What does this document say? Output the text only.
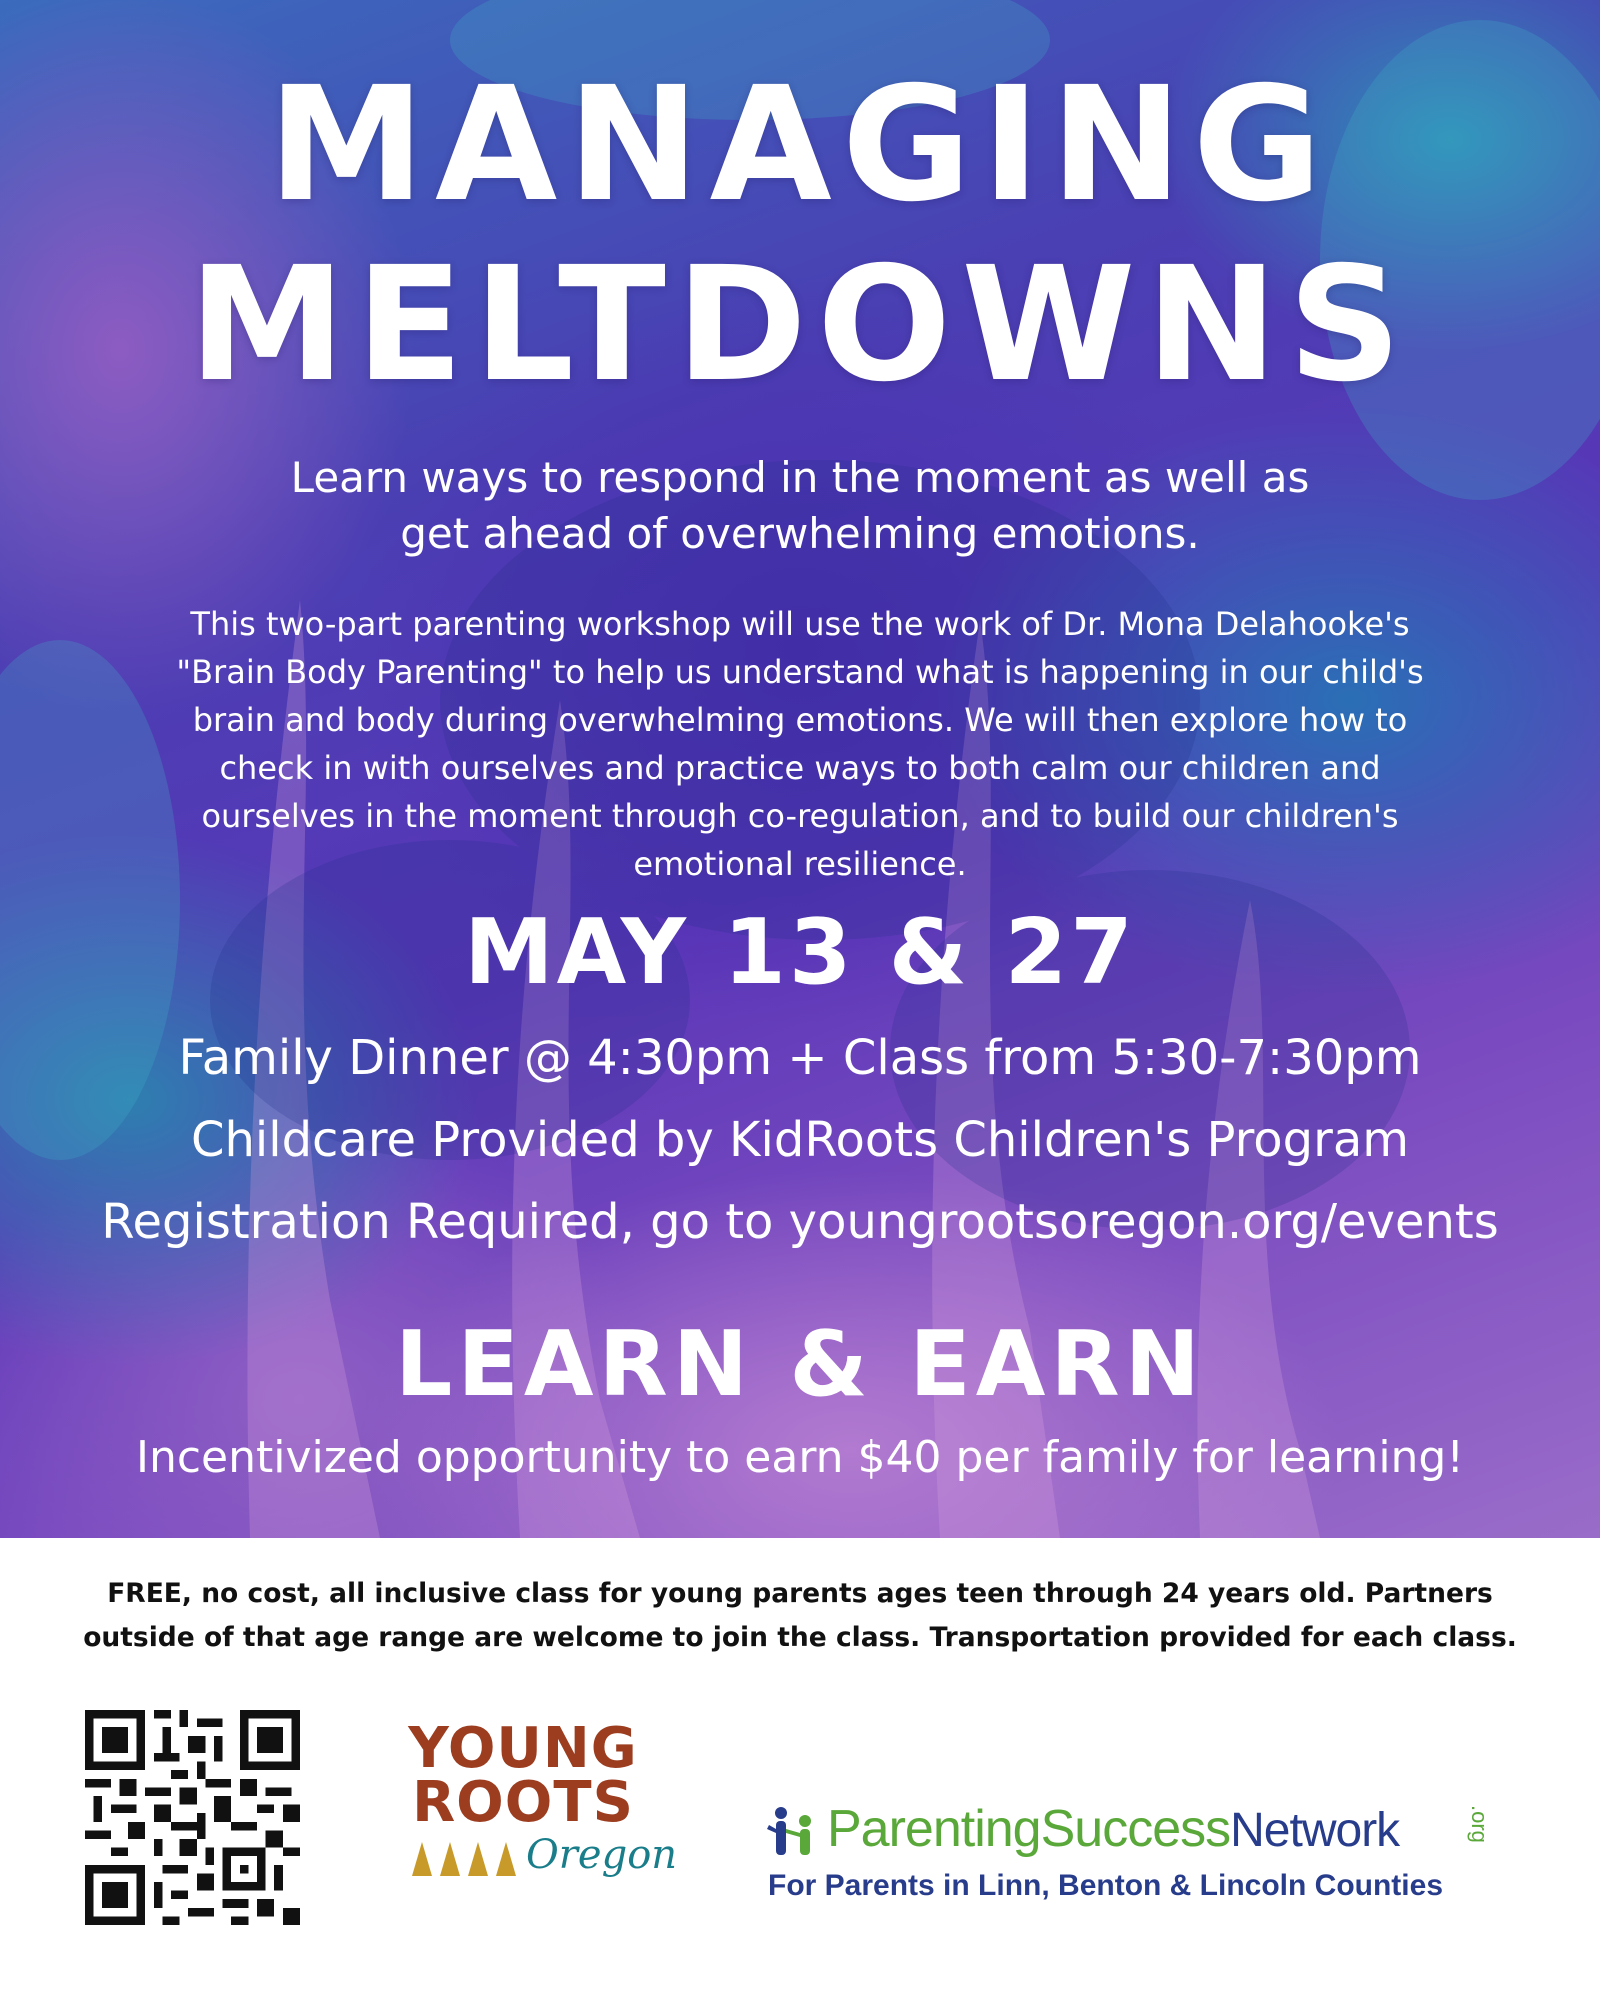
MANAGING
MELTDOWNS
Learn ways to respond in the moment as well as
get ahead of overwhelming emotions.
This two-part parenting workshop will use the work of Dr. Mona Delahooke's
"Brain Body Parenting" to help us understand what is happening in our child's
brain and body during overwhelming emotions. We will then explore how to
check in with ourselves and practice ways to both calm our children and
ourselves in the moment through co-regulation, and to build our children's
emotional resilience.
MAY 13 & 27
Family Dinner @ 4:30pm + Class from 5:30-7:30pm
Childcare Provided by KidRoots Children's Program
Registration Required, go to youngrootsoregon.org/events
LEARN & EARN
Incentivized opportunity to earn $40 per family for learning!
FREE, no cost, all inclusive class for young parents ages teen through 24 years old. Partners
outside of that age range are welcome to join the class. Transportation provided for each class.
YOUNG
ROOTS
Oregon	ParentingSuccessNetwork	.org
For Parents in Linn, Benton & Lincoln Counties
